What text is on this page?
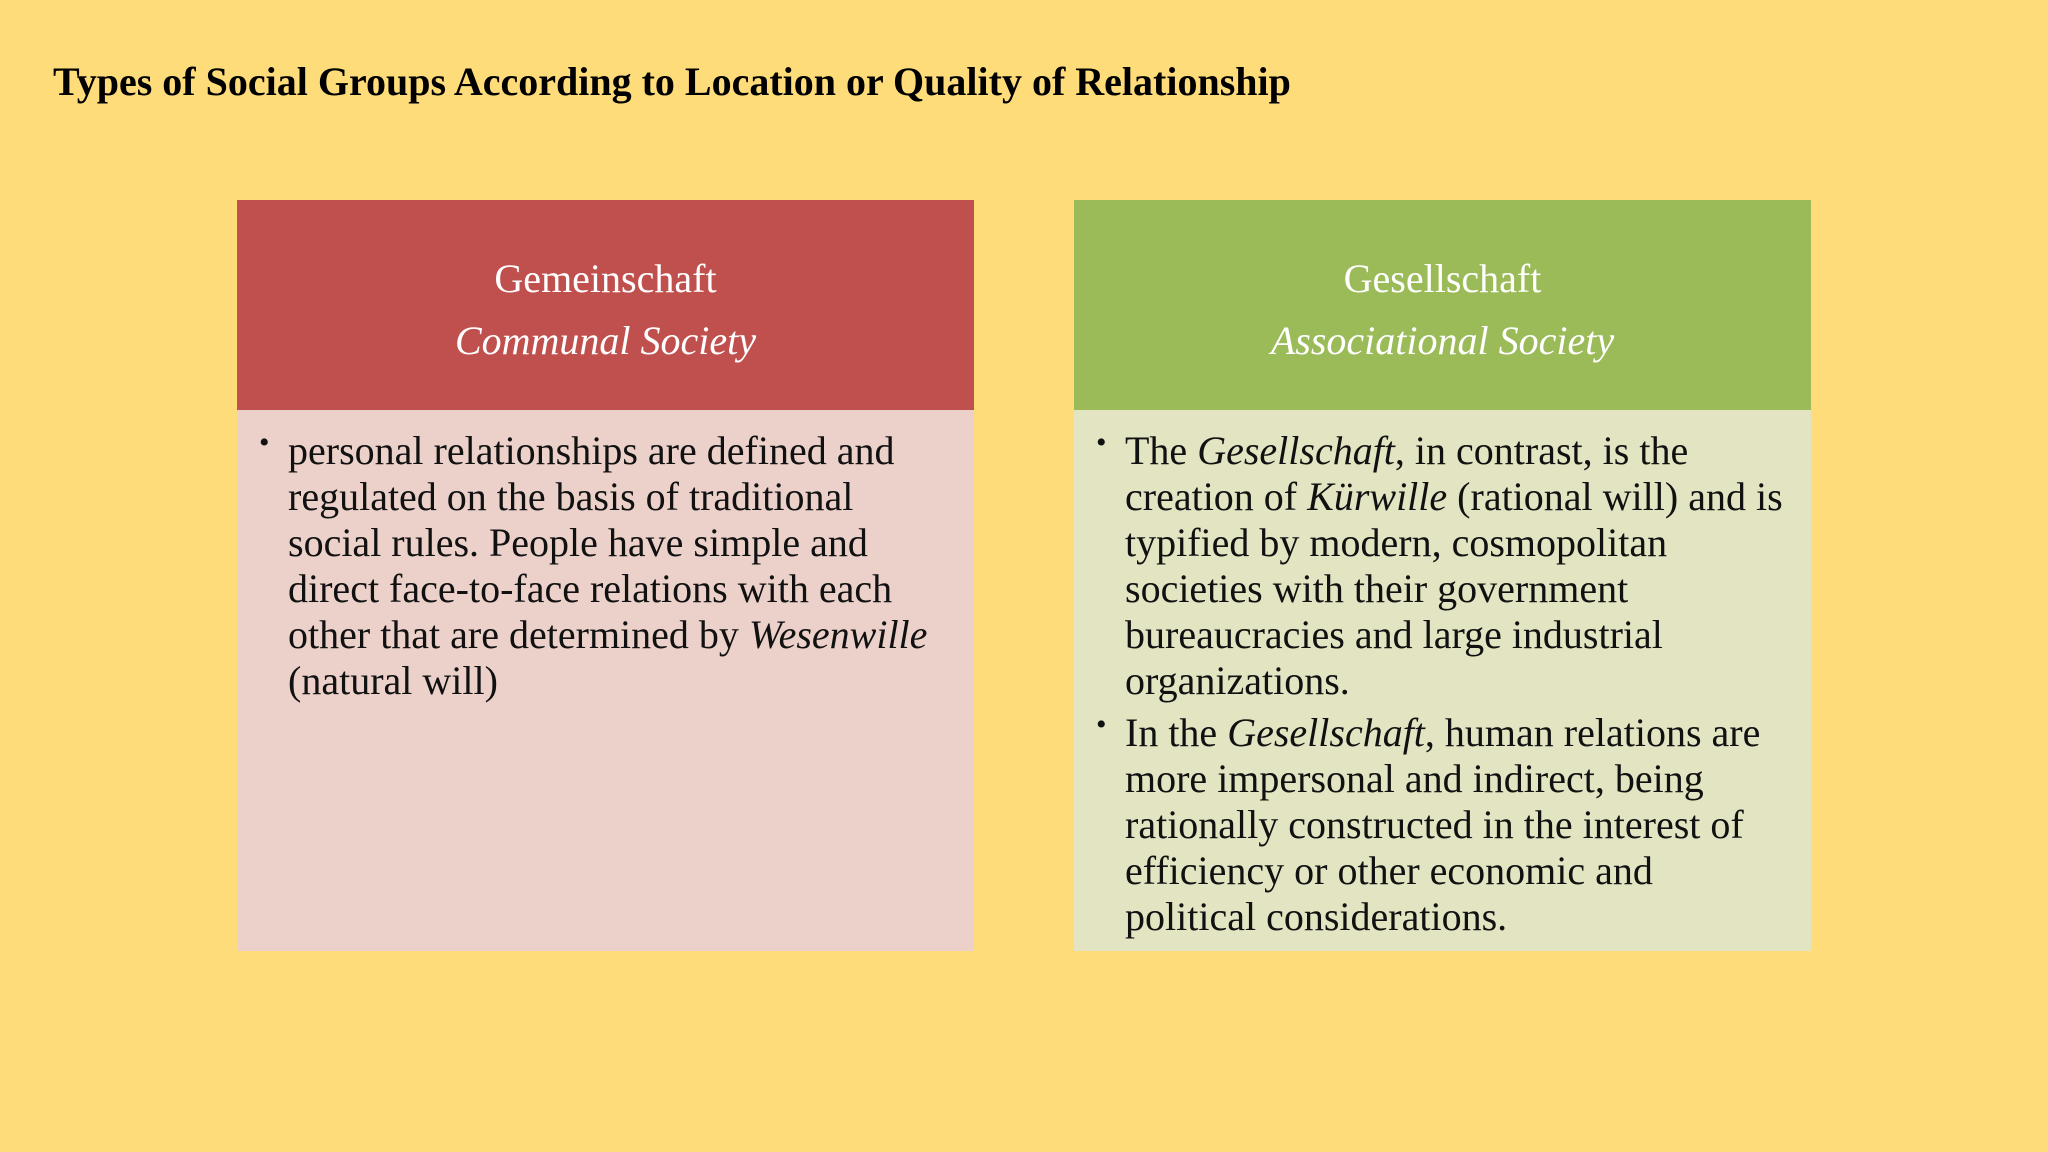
Types of Social Groups According to Location or Quality of Relationship
Gemeinschaft
Communal Society
• personal relationships are defined and regulated on the basis of traditional social rules. People have simple and direct face-to-face relations with each other that are determined by Wesenwille (natural will)
Gesellschaft
Associational Society
• The Gesellschaft, in contrast, is the creation of Kürwille (rational will) and is typified by modern, cosmopolitan societies with their government bureaucracies and large industrial organizations.
• In the Gesellschaft, human relations are more impersonal and indirect, being rationally constructed in the interest of efficiency or other economic and political considerations.
